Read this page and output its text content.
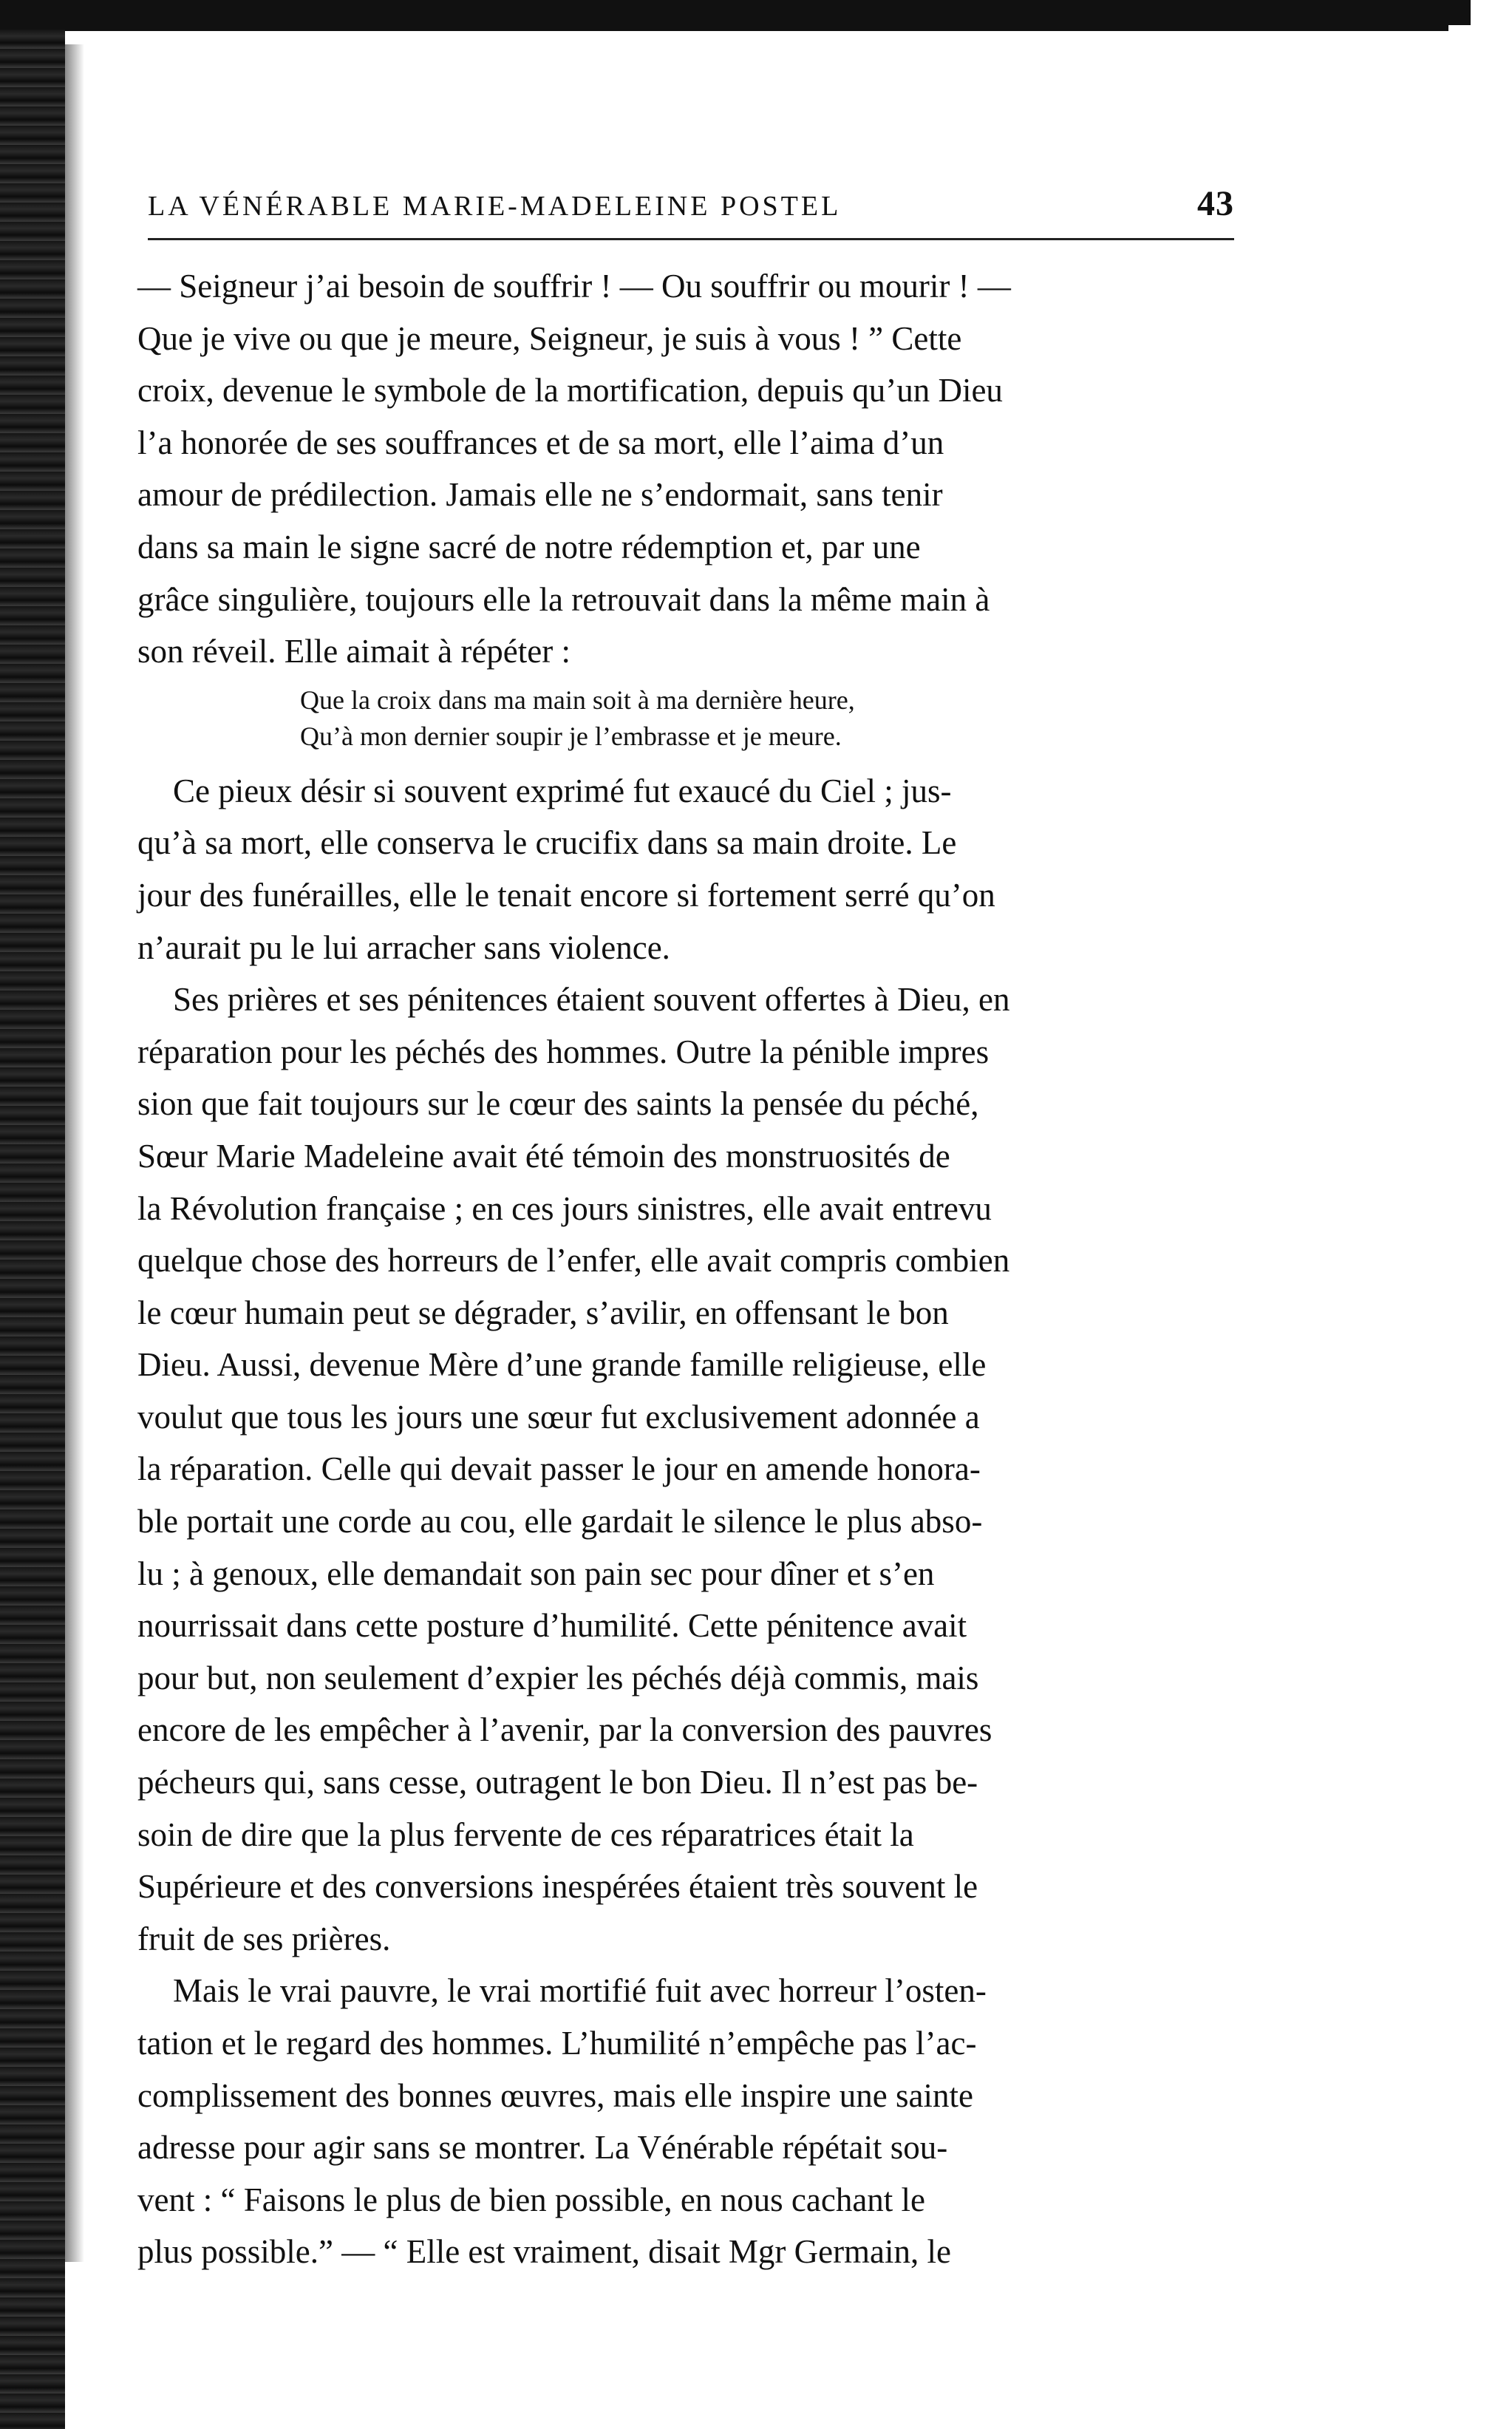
LA VÉNÉRABLE MARIE-MADELEINE POSTEL	43
— Seigneur j’ai besoin de souffrir ! — Ou souffrir ou mourir ! —
Que je vive ou que je meure, Seigneur, je suis à vous ! ” Cette
croix, devenue le symbole de la mortification, depuis qu’un Dieu
l’a honorée de ses souffrances et de sa mort, elle l’aima d’un
amour de prédilection. Jamais elle ne s’endormait, sans tenir
dans sa main le signe sacré de notre rédemption et, par une
grâce singulière, toujours elle la retrouvait dans la même main à
son réveil. Elle aimait à répéter :
Que la croix dans ma main soit à ma dernière heure,
Qu’à mon dernier soupir je l’embrasse et je meure.
Ce pieux désir si souvent exprimé fut exaucé du Ciel ; jus-
qu’à sa mort, elle conserva le crucifix dans sa main droite. Le
jour des funérailles, elle le tenait encore si fortement serré qu’on
n’aurait pu le lui arracher sans violence.
Ses prières et ses pénitences étaient souvent offertes à Dieu, en
réparation pour les péchés des hommes. Outre la pénible impres
sion que fait toujours sur le cœur des saints la pensée du péché,
Sœur Marie Madeleine avait été témoin des monstruosités de
la Révolution française ; en ces jours sinistres, elle avait entrevu
quelque chose des horreurs de l’enfer, elle avait compris combien
le cœur humain peut se dégrader, s’avilir, en offensant le bon
Dieu. Aussi, devenue Mère d’une grande famille religieuse, elle
voulut que tous les jours une sœur fut exclusivement adonnée a
la réparation. Celle qui devait passer le jour en amende honora-
ble portait une corde au cou, elle gardait le silence le plus abso-
lu ; à genoux, elle demandait son pain sec pour dîner et s’en
nourrissait dans cette posture d’humilité. Cette pénitence avait
pour but, non seulement d’expier les péchés déjà commis, mais
encore de les empêcher à l’avenir, par la conversion des pauvres
pécheurs qui, sans cesse, outragent le bon Dieu. Il n’est pas be-
soin de dire que la plus fervente de ces réparatrices était la
Supérieure et des conversions inespérées étaient très souvent le
fruit de ses prières.
Mais le vrai pauvre, le vrai mortifié fuit avec horreur l’osten-
tation et le regard des hommes. L’humilité n’empêche pas l’ac-
complissement des bonnes œuvres, mais elle inspire une sainte
adresse pour agir sans se montrer. La Vénérable répétait sou-
vent : “ Faisons le plus de bien possible, en nous cachant le
plus possible.” — “ Elle est vraiment, disait Mgr Germain, le
